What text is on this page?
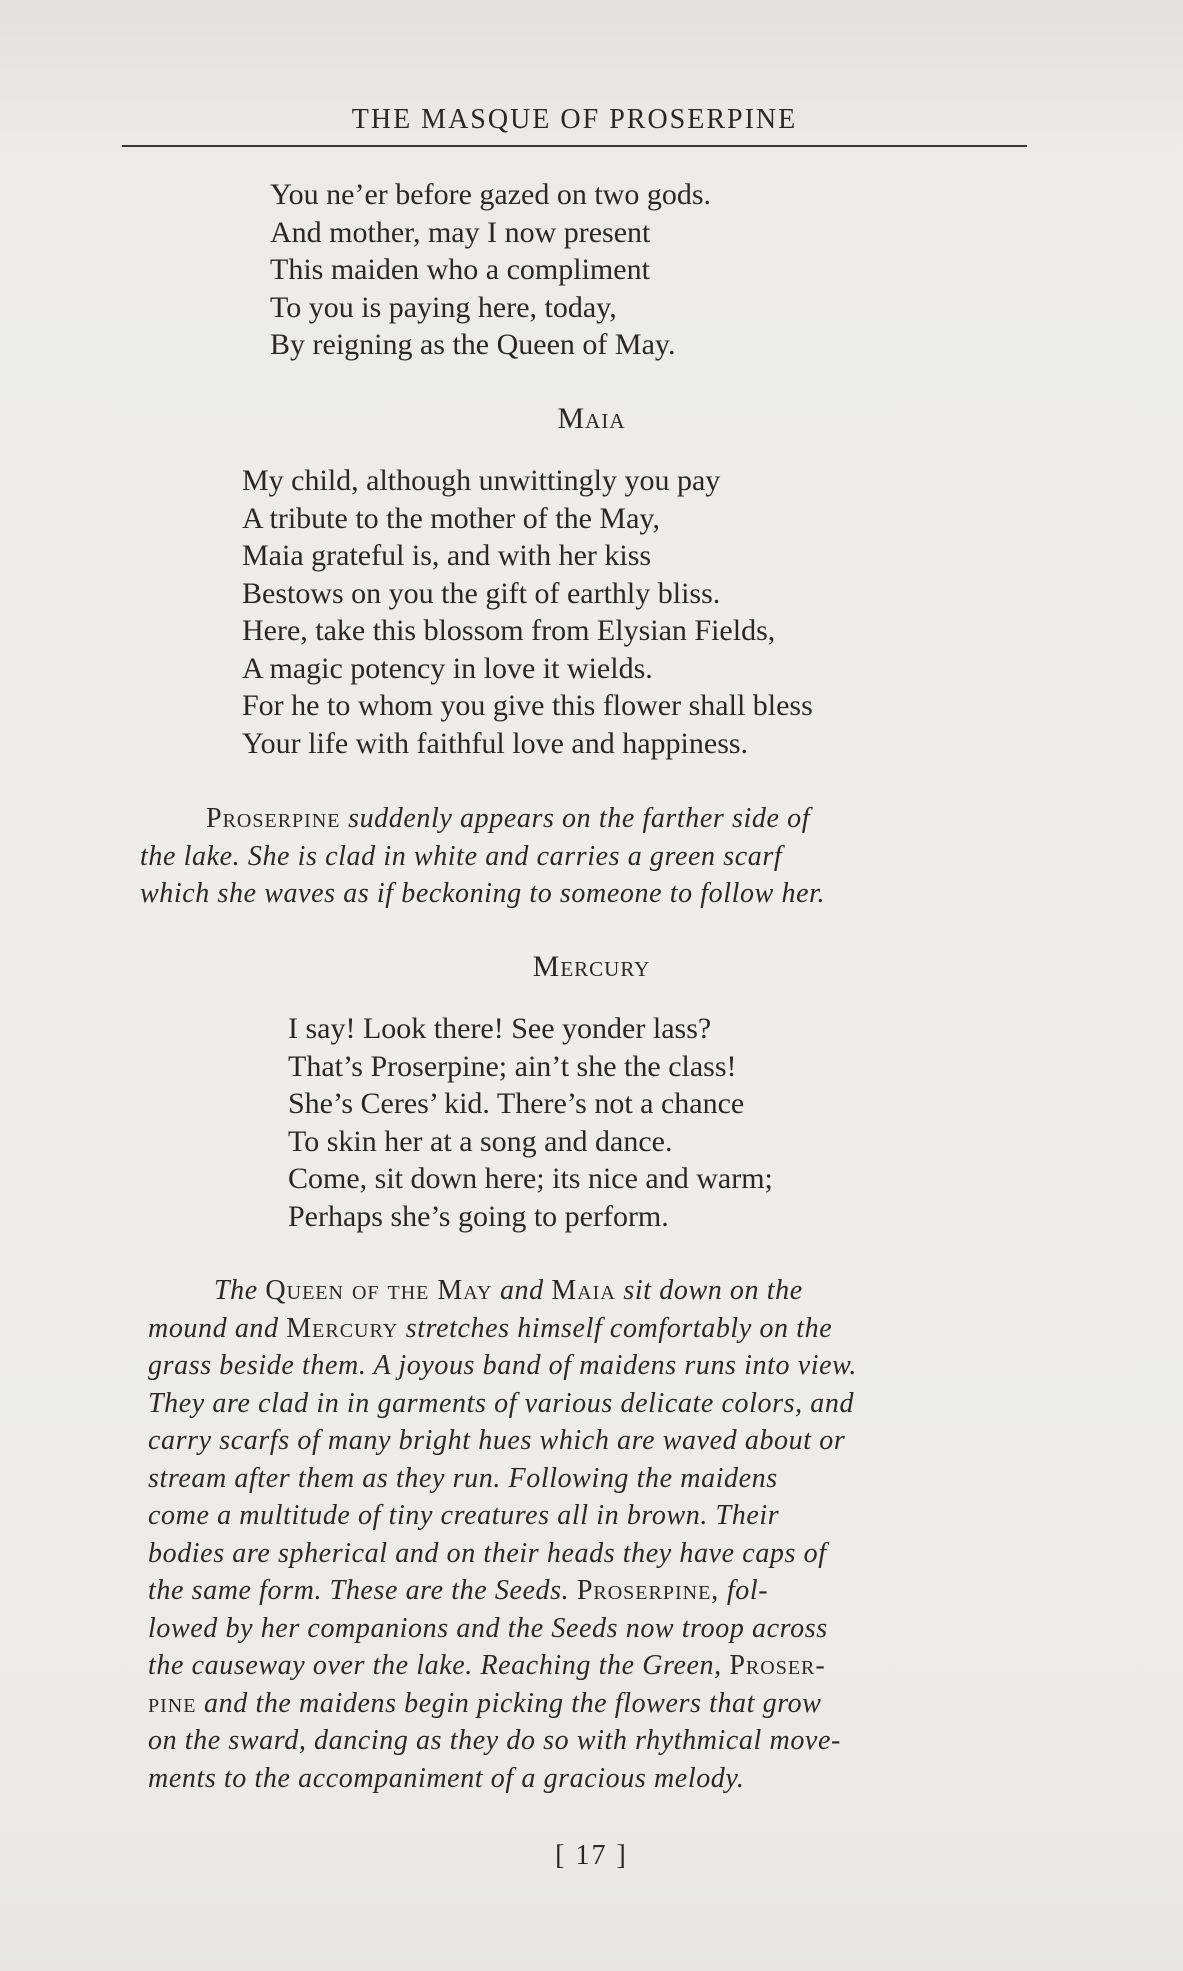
THE MASQUE OF PROSERPINE
You ne’er before gazed on two gods.
And mother, may I now present
This maiden who a compliment
To you is paying here, today,
By reigning as the Queen of May.
Maia
My child, although unwittingly you pay
A tribute to the mother of the May,
Maia grateful is, and with her kiss
Bestows on you the gift of earthly bliss.
Here, take this blossom from Elysian Fields,
A magic potency in love it wields.
For he to whom you give this flower shall bless
Your life with faithful love and happiness.
Proserpine suddenly appears on the farther side of
the lake. She is clad in white and carries a green scarf
which she waves as if beckoning to someone to follow her.
Mercury
I say! Look there! See yonder lass?
That’s Proserpine; ain’t she the class!
She’s Ceres’ kid. There’s not a chance
To skin her at a song and dance.
Come, sit down here; its nice and warm;
Perhaps she’s going to perform.
The Queen of the May and Maia sit down on the
mound and Mercury stretches himself comfortably on the
grass beside them. A joyous band of maidens runs into view.
They are clad in in garments of various delicate colors, and
carry scarfs of many bright hues which are waved about or
stream after them as they run. Following the maidens
come a multitude of tiny creatures all in brown. Their
bodies are spherical and on their heads they have caps of
the same form. These are the Seeds. Proserpine, fol-
lowed by her companions and the Seeds now troop across
the causeway over the lake. Reaching the Green, Proser-
pine and the maidens begin picking the flowers that grow
on the sward, dancing as they do so with rhythmical move-
ments to the accompaniment of a gracious melody.
[ 17 ]
